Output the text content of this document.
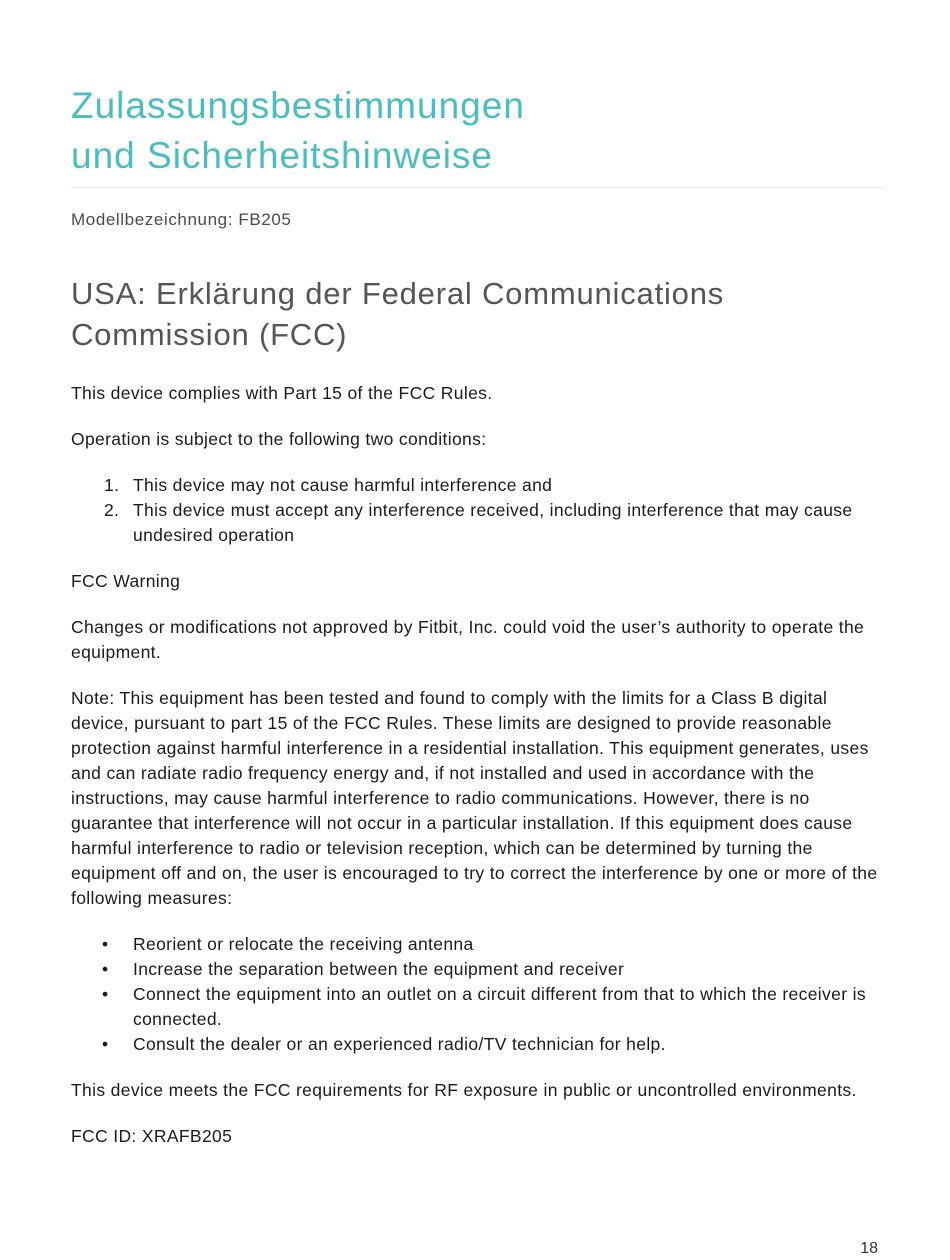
Zulassungsbestimmungen
und Sicherheitshinweise
Modellbezeichnung: FB205
USA: Erklärung der Federal Communications Commission (FCC)

This device complies with Part 15 of the FCC Rules.

Operation is subject to the following two conditions:

1. This device may not cause harmful interference and
2. This device must accept any interference received, including interference that may cause undesired operation

FCC Warning

Changes or modifications not approved by Fitbit, Inc. could void the user’s authority to operate the equipment.

Note: This equipment has been tested and found to comply with the limits for a Class B digital device, pursuant to part 15 of the FCC Rules. These limits are designed to provide reasonable protection against harmful interference in a residential installation. This equipment generates, uses and can radiate radio frequency energy and, if not installed and used in accordance with the instructions, may cause harmful interference to radio communications. However, there is no guarantee that interference will not occur in a particular installation. If this equipment does cause harmful interference to radio or television reception, which can be determined by turning the equipment off and on, the user is encouraged to try to correct the interference by one or more of the following measures:

• Reorient or relocate the receiving antenna
• Increase the separation between the equipment and receiver
• Connect the equipment into an outlet on a circuit different from that to which the receiver is connected.
• Consult the dealer or an experienced radio/TV technician for help.

This device meets the FCC requirements for RF exposure in public or uncontrolled environments.

FCC ID: XRAFB205

18
